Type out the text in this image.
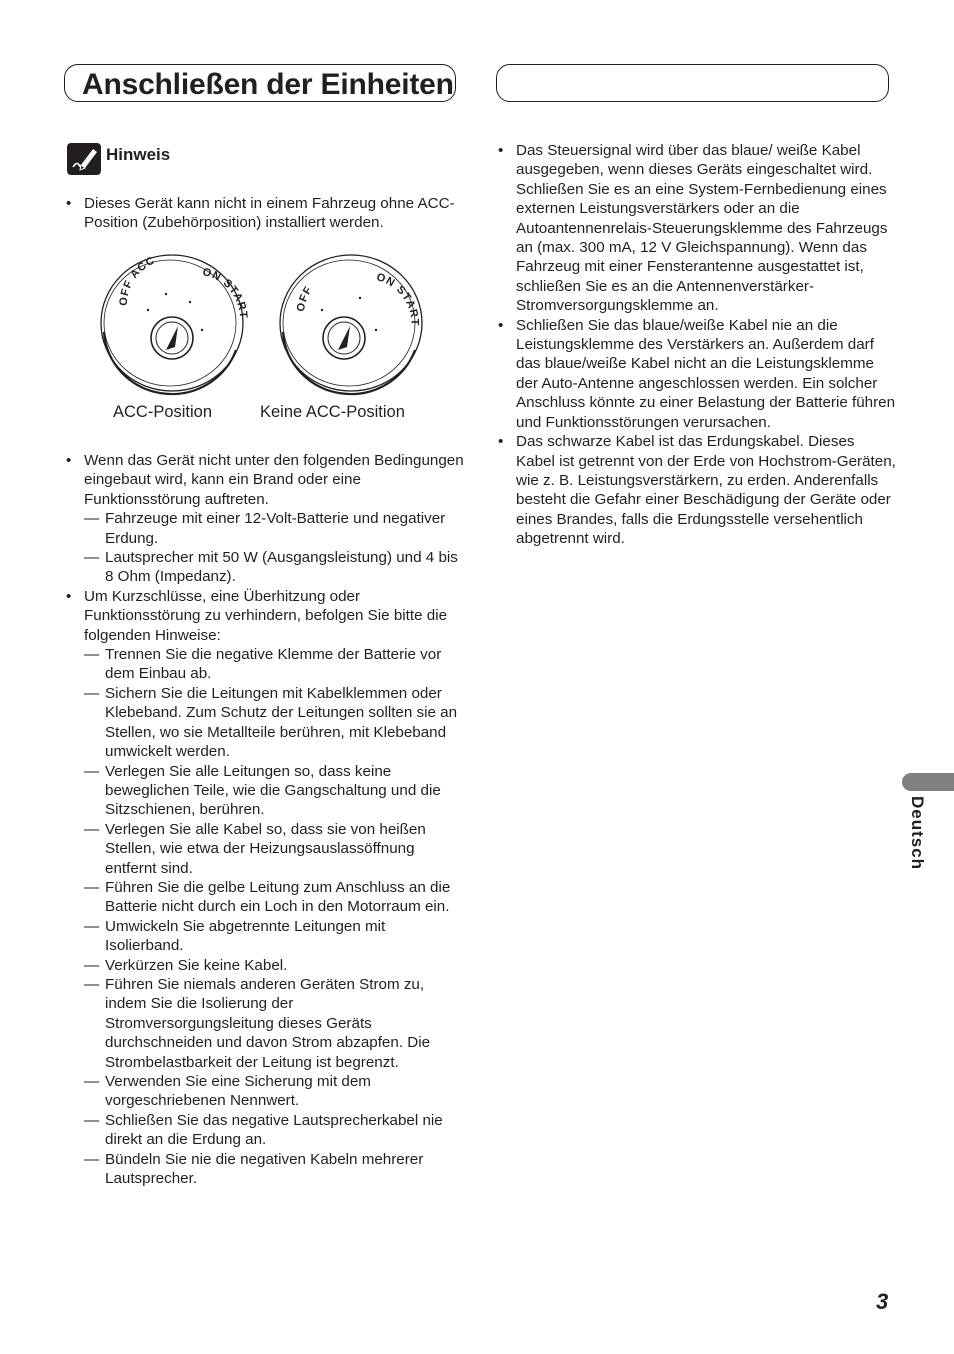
Anschließen der Einheiten
Hinweis
• Dieses Gerät kann nicht in einem Fahrzeug ohne ACC-Position (Zubehörposition) installiert werden.
OFF ACC
ON START
OFF
ON START
ACC-Position	Keine ACC-Position
• Wenn das Gerät nicht unter den folgenden Bedingungen eingebaut wird, kann ein Brand oder eine Funktionsstörung auftreten.
— Fahrzeuge mit einer 12-Volt-Batterie und negativer Erdung.
— Lautsprecher mit 50 W (Ausgangsleistung) und 4 bis 8 Ohm (Impedanz).
• Um Kurzschlüsse, eine Überhitzung oder Funktionsstörung zu verhindern, befolgen Sie bitte die folgenden Hinweise:
— Trennen Sie die negative Klemme der Batterie vor dem Einbau ab.
— Sichern Sie die Leitungen mit Kabelklemmen oder Klebeband. Zum Schutz der Leitungen sollten sie an Stellen, wo sie Metallteile berühren, mit Klebeband umwickelt werden.
— Verlegen Sie alle Leitungen so, dass keine beweglichen Teile, wie die Gangschaltung und die Sitzschienen, berühren.
— Verlegen Sie alle Kabel so, dass sie von heißen Stellen, wie etwa der Heizungsauslassöffnung entfernt sind.
— Führen Sie die gelbe Leitung zum Anschluss an die Batterie nicht durch ein Loch in den Motorraum ein.
— Umwickeln Sie abgetrennte Leitungen mit Isolierband.
— Verkürzen Sie keine Kabel.
— Führen Sie niemals anderen Geräten Strom zu, indem Sie die Isolierung der Stromversorgungsleitung dieses Geräts durchschneiden und davon Strom abzapfen. Die Strombelastbarkeit der Leitung ist begrenzt.
— Verwenden Sie eine Sicherung mit dem vorgeschriebenen Nennwert.
— Schließen Sie das negative Lautsprecherkabel nie direkt an die Erdung an.
— Bündeln Sie nie die negativen Kabeln mehrerer Lautsprecher.
• Das Steuersignal wird über das blaue/ weiße Kabel ausgegeben, wenn dieses Geräts eingeschaltet wird. Schließen Sie es an eine System-Fernbedienung eines externen Leistungsverstärkers oder an die Autoantennenrelais-Steuerungsklemme des Fahrzeugs an (max. 300 mA, 12 V Gleichspannung). Wenn das Fahrzeug mit einer Fensterantenne ausgestattet ist, schließen Sie es an die Antennenverstärker-Stromversorgungsklemme an.
• Schließen Sie das blaue/weiße Kabel nie an die Leistungsklemme des Verstärkers an. Außerdem darf das blaue/weiße Kabel nicht an die Leistungsklemme der Auto-Antenne angeschlossen werden. Ein solcher Anschluss könnte zu einer Belastung der Batterie führen und Funktionsstörungen verursachen.
• Das schwarze Kabel ist das Erdungskabel. Dieses Kabel ist getrennt von der Erde von Hochstrom-Geräten, wie z. B. Leistungsverstärkern, zu erden. Anderenfalls besteht die Gefahr einer Beschädigung der Geräte oder eines Brandes, falls die Erdungsstelle versehentlich abgetrennt wird.
Deutsch
3
